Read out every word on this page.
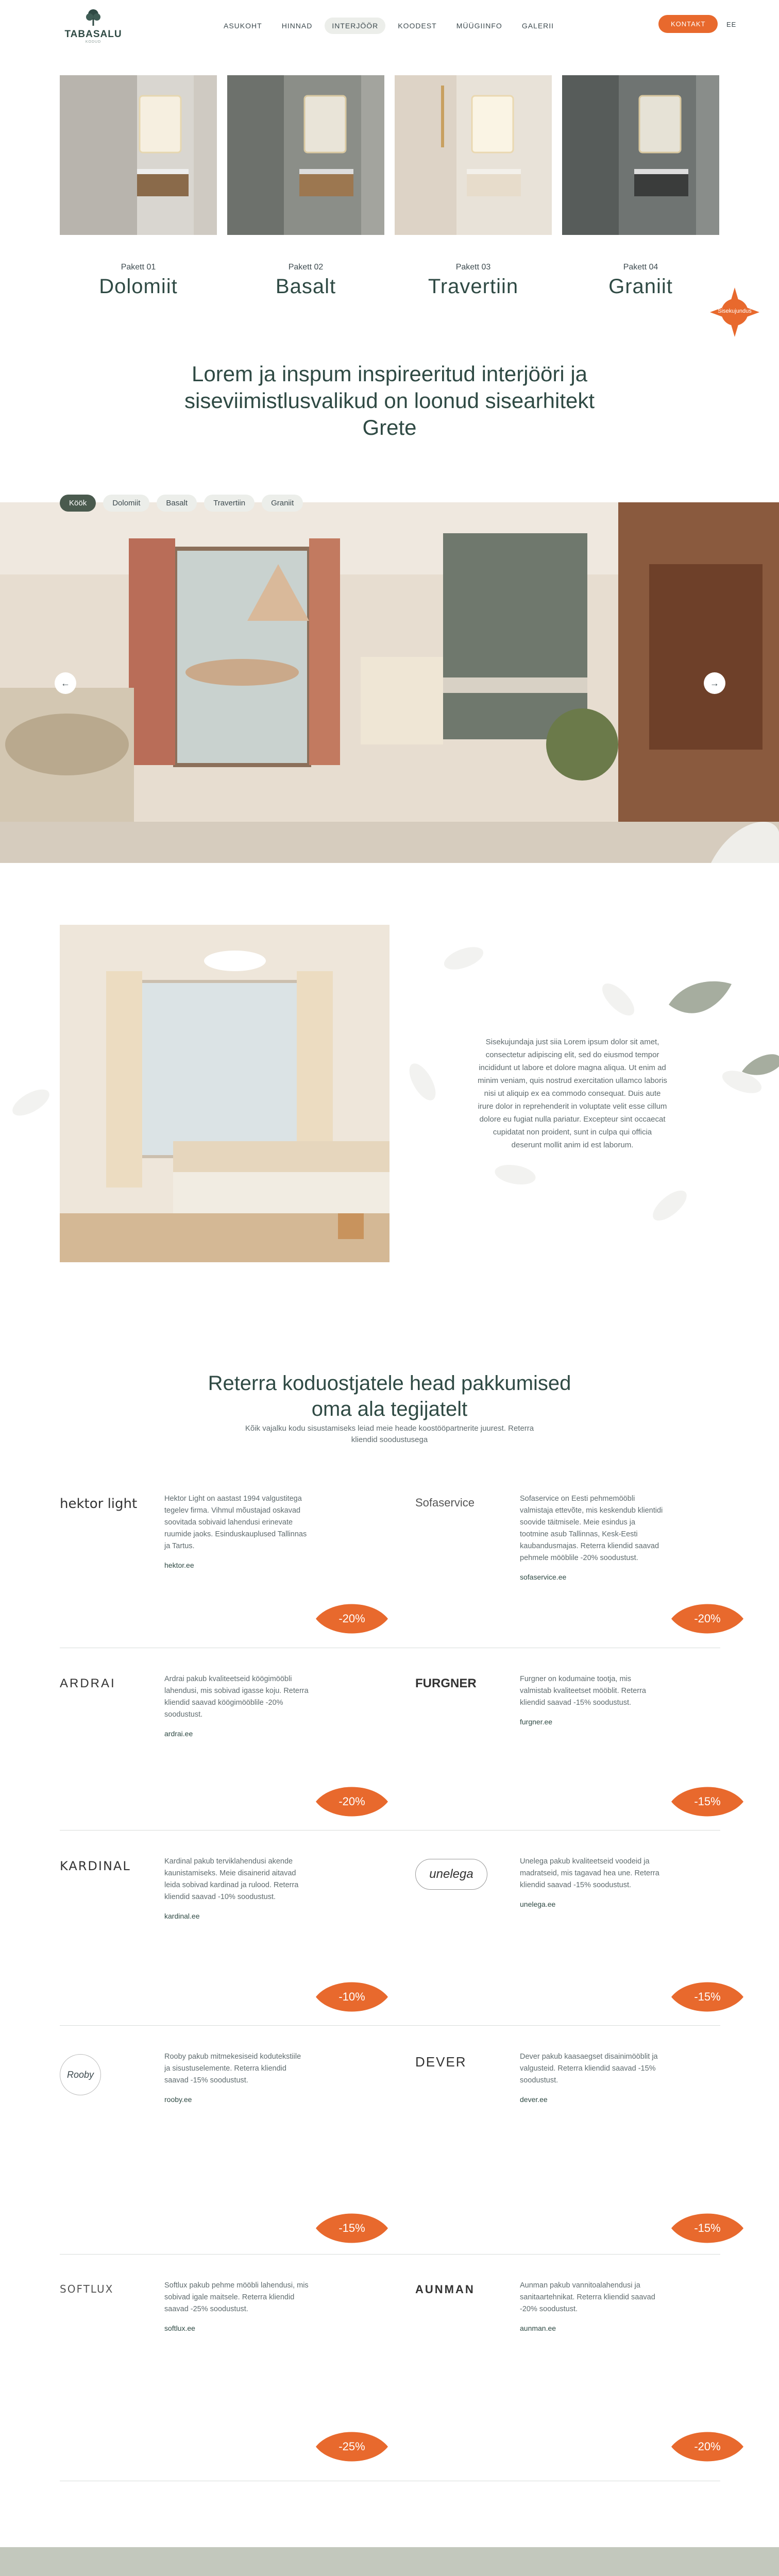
TABASALU
KODUD
ASUKOHT	HINNAD	INTERJÖÖR	KOODEST	MÜÜGIINFO	GALERII	KONTAKT	EE
Pakett 01
Dolomiit
Pakett 02
Basalt
Pakett 03
Travertiin
Pakett 04
Graniit
Sisekujundus
Lorem ja inspum inspireeritud interjööri ja siseviimistlusvalikud on loonud sisearhitekt Grete
Köök	Dolomiit	Basalt	Travertiin	Graniit
←	→
Sisekujundaja just siia Lorem ipsum dolor sit amet, consectetur adipiscing elit, sed do eiusmod tempor incididunt ut labore et dolore magna aliqua. Ut enim ad minim veniam, quis nostrud exercitation ullamco laboris nisi ut aliquip ex ea commodo consequat. Duis aute irure dolor in reprehenderit in voluptate velit esse cillum dolore eu fugiat nulla pariatur. Excepteur sint occaecat cupidatat non proident, sunt in culpa qui officia deserunt mollit anim id est laborum.
Reterra koduostjatele head pakkumised oma ala tegijatelt
Kõik vajalku kodu sisustamiseks leiad meie heade koostööpartnerite juurest. Reterra kliendid soodustusega
hektor light	Hektor Light on aastast 1994 valgustitega tegelev firma. Vihmul mõustajad oskavad soovitada sobivaid lahendusi erinevate ruumide jaoks. Esinduskauplused Tallinnas ja Tartus.
hektor.ee
-20%
Sofaservice	Sofaservice on Eesti pehmemööbli valmistaja ettevõte, mis keskendub klientidi soovide täitmisele. Meie esindus ja tootmine asub Tallinnas, Kesk-Eesti kaubandusmajas. Reterra kliendid saavad pehmele mööblile -20% soodustust.
sofaservice.ee
-20%
ARDRAI	Ardrai pakub kvaliteetseid köögimööbli lahendusi, mis sobivad igasse koju. Reterra kliendid saavad köögimööblile -20% soodustust.
ardrai.ee
-20%
FURGNER	Furgner on kodumaine tootja, mis valmistab kvaliteetset mööblit. Reterra kliendid saavad -15% soodustust.
furgner.ee
-15%
KARDINAL	Kardinal pakub terviklahendusi akende kaunistamiseks. Meie disainerid aitavad leida sobivad kardinad ja rulood. Reterra kliendid saavad -10% soodustust.
kardinal.ee
-10%
unelega
Unelega pakub kvaliteetseid voodeid ja madratseid, mis tagavad hea une. Reterra kliendid saavad -15% soodustust.
unelega.ee
-15%
Rooby
Rooby pakub mitmekesiseid kodutekstiile ja sisustuselemente. Reterra kliendid saavad -15% soodustust.
rooby.ee
-15%
DEVER	Dever pakub kaasaegset disainimööblit ja valgusteid. Reterra kliendid saavad -15% soodustust.
dever.ee
-15%
SOFTLUX	Softlux pakub pehme mööbli lahendusi, mis sobivad igale maitsele. Reterra kliendid saavad -25% soodustust.
softlux.ee
-25%
AUNMAN	Aunman pakub vannitoalahendusi ja sanitaartehnikat. Reterra kliendid saavad -20% soodustust.
aunman.ee
-20%
